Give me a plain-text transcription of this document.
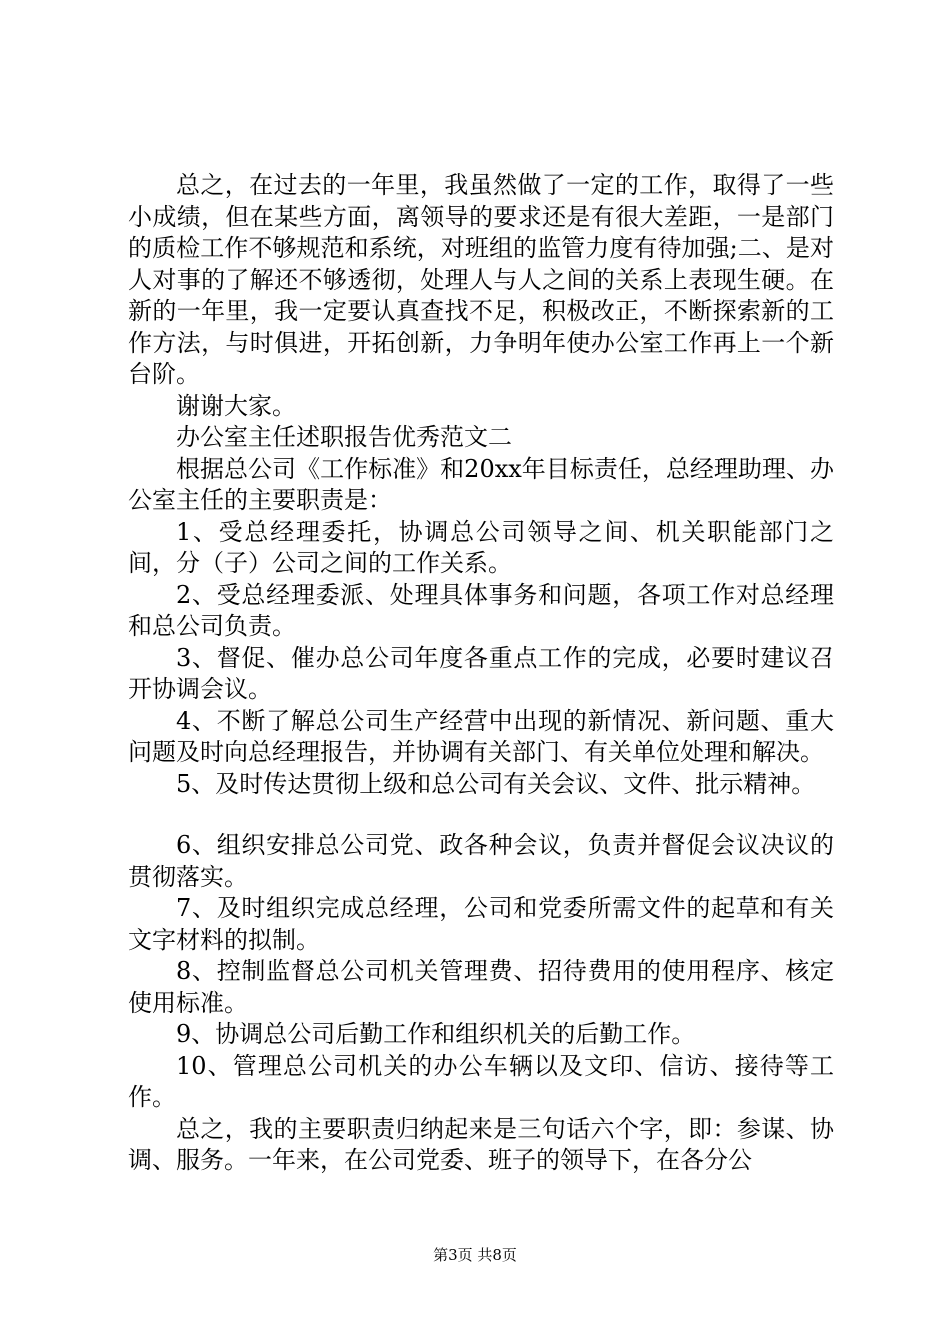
总之，在过去的一年里，我虽然做了一定的工作，取得了一些小成绩，但在某些方面，离领导的要求还是有很大差距，一是部门的质检工作不够规范和系统，对班组的监管力度有待加强;二、是对人对事的了解还不够透彻，处理人与人之间的关系上表现生硬。在新的一年里，我一定要认真查找不足，积极改正，不断探索新的工作方法，与时俱进，开拓创新，力争明年使办公室工作再上一个新台阶。

谢谢大家。

办公室主任述职报告优秀范文二

根据总公司《工作标准》和20xx年目标责任，总经理助理、办公室主任的主要职责是：

1、受总经理委托，协调总公司领导之间、机关职能部门之间，分（子）公司之间的工作关系。

2、受总经理委派、处理具体事务和问题，各项工作对总经理和总公司负责。

3、督促、催办总公司年度各重点工作的完成，必要时建议召开协调会议。

4、不断了解总公司生产经营中出现的新情况、新问题、重大问题及时向总经理报告，并协调有关部门、有关单位处理和解决。

5、及时传达贯彻上级和总公司有关会议、文件、批示精神。

6、组织安排总公司党、政各种会议，负责并督促会议决议的贯彻落实。

7、及时组织完成总经理，公司和党委所需文件的起草和有关文字材料的拟制。

8、控制监督总公司机关管理费、招待费用的使用程序、核定使用标准。

9、协调总公司后勤工作和组织机关的后勤工作。

10、管理总公司机关的办公车辆以及文印、信访、接待等工作。

总之，我的主要职责归纳起来是三句话六个字，即：参谋、协调、服务。一年来，在公司党委、班子的领导下，在各分公

第3页 共8页
